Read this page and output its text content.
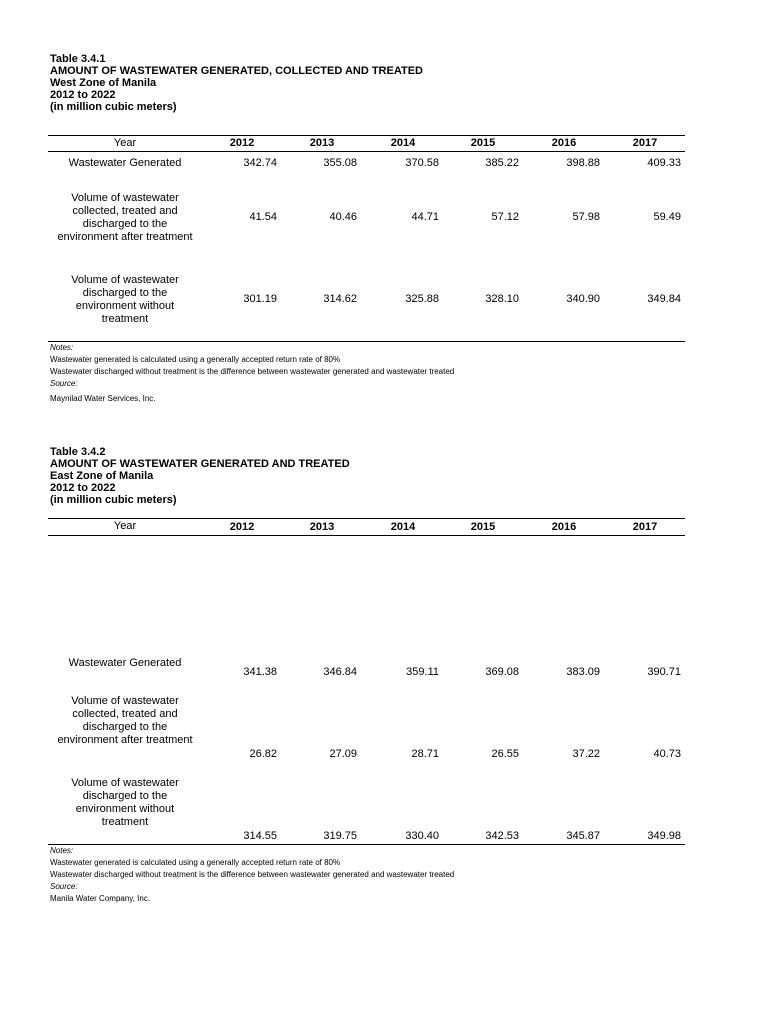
Table 3.4.1
AMOUNT OF WASTEWATER GENERATED, COLLECTED AND TREATED
West Zone of Manila
2012 to 2022
(in million cubic meters)
Year	2012	2013	2014	2015	2016	2017
Wastewater Generated	342.74	355.08	370.58	385.22	398.88	409.33
Volume of wastewater
collected, treated and
discharged to the
environment after treatment
41.54	40.46	44.71	57.12	57.98	59.49
Volume of wastewater
discharged to the
environment without
treatment
301.19	314.62	325.88	328.10	340.90	349.84
Notes:
Wastewater generated is calculated using a generally accepted return rate of 80%
Wastewater discharged without treatment is the difference between wastewater generated and wastewater treated
Source:
Maynilad Water Services, Inc.
Table 3.4.2
AMOUNT OF WASTEWATER GENERATED AND TREATED
East Zone of Manila
2012 to 2022
(in million cubic meters)
Year	2012	2013	2014	2015	2016	2017
Wastewater Generated
341.38	346.84	359.11	369.08	383.09	390.71
Volume of wastewater
collected, treated and
discharged to the
environment after treatment
26.82	27.09	28.71	26.55	37.22	40.73
Volume of wastewater
discharged to the
environment without
treatment
314.55	319.75	330.40	342.53	345.87	349.98
Notes:
Wastewater generated is calculated using a generally accepted return rate of 80%
Wastewater discharged without treatment is the difference between wastewater generated and wastewater treated
Source:
Manila Water Company, Inc.
